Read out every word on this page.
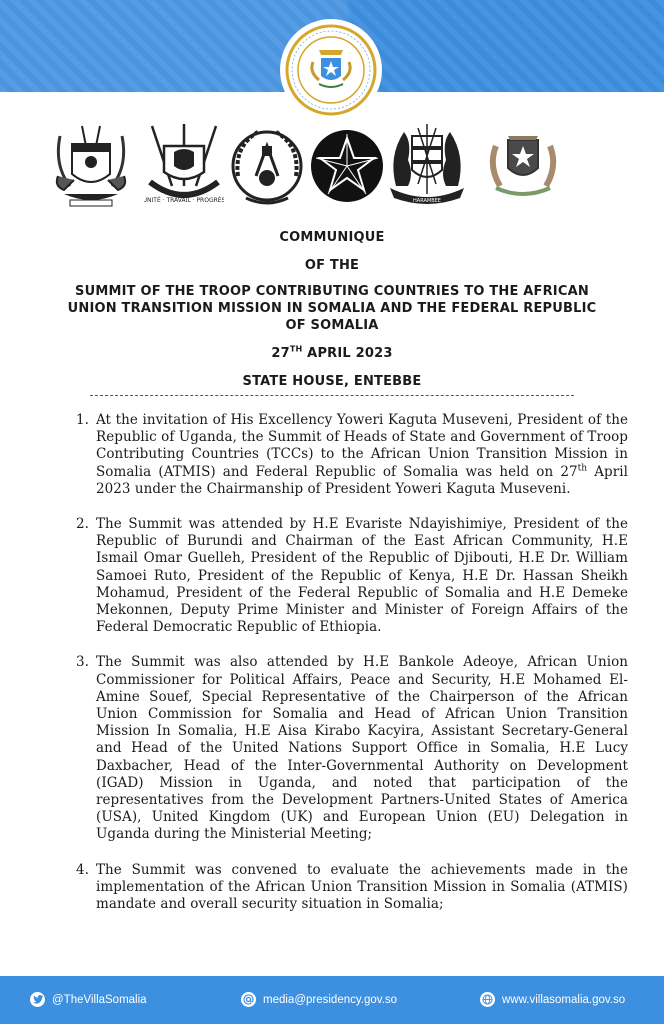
UNITÉ · TRAVAIL · PROGRÈS	HARAMBEE
COMMUNIQUE
OF THE
SUMMIT OF THE TROOP CONTRIBUTING COUNTRIES TO THE AFRICAN UNION TRANSITION MISSION IN SOMALIA AND THE FEDERAL REPUBLIC OF SOMALIA
27TH APRIL 2023
STATE HOUSE, ENTEBBE
1. At the invitation of His Excellency Yoweri Kaguta Museveni, President of the Republic of Uganda, the Summit of Heads of State and Government of Troop Contributing Countries (TCCs) to the African Union Transition Mission in Somalia (ATMIS) and Federal Republic of Somalia was held on 27th April 2023 under the Chairmanship of President Yoweri Kaguta Museveni.

2. The Summit was attended by H.E Evariste Ndayishimiye, President of the Republic of Burundi and Chairman of the East African Community, H.E Ismail Omar Guelleh, President of the Republic of Djibouti, H.E Dr. William Samoei Ruto, President of the Republic of Kenya, H.E Dr. Hassan Sheikh Mohamud, President of the Federal Republic of Somalia and H.E Demeke Mekonnen, Deputy Prime Minister and Minister of Foreign Affairs of the Federal Democratic Republic of Ethiopia.

3. The Summit was also attended by H.E Bankole Adeoye, African Union Commissioner for Political Affairs, Peace and Security, H.E Mohamed El-Amine Souef, Special Representative of the Chairperson of the African Union Commission for Somalia and Head of African Union Transition Mission In Somalia, H.E Aisa Kirabo Kacyira, Assistant Secretary-General and Head of the United Nations Support Office in Somalia, H.E Lucy Daxbacher, Head of the Inter-Governmental Authority on Development (IGAD) Mission in Uganda, and noted that participation of the representatives from the Development Partners-United States of America (USA), United Kingdom (UK) and European Union (EU) Delegation in Uganda during the Ministerial Meeting;

4. The Summit was convened to evaluate the achievements made in the implementation of the African Union Transition Mission in Somalia (ATMIS) mandate and overall security situation in Somalia;

@TheVillaSomalia	media@presidency.gov.so	www.villasomalia.gov.so
